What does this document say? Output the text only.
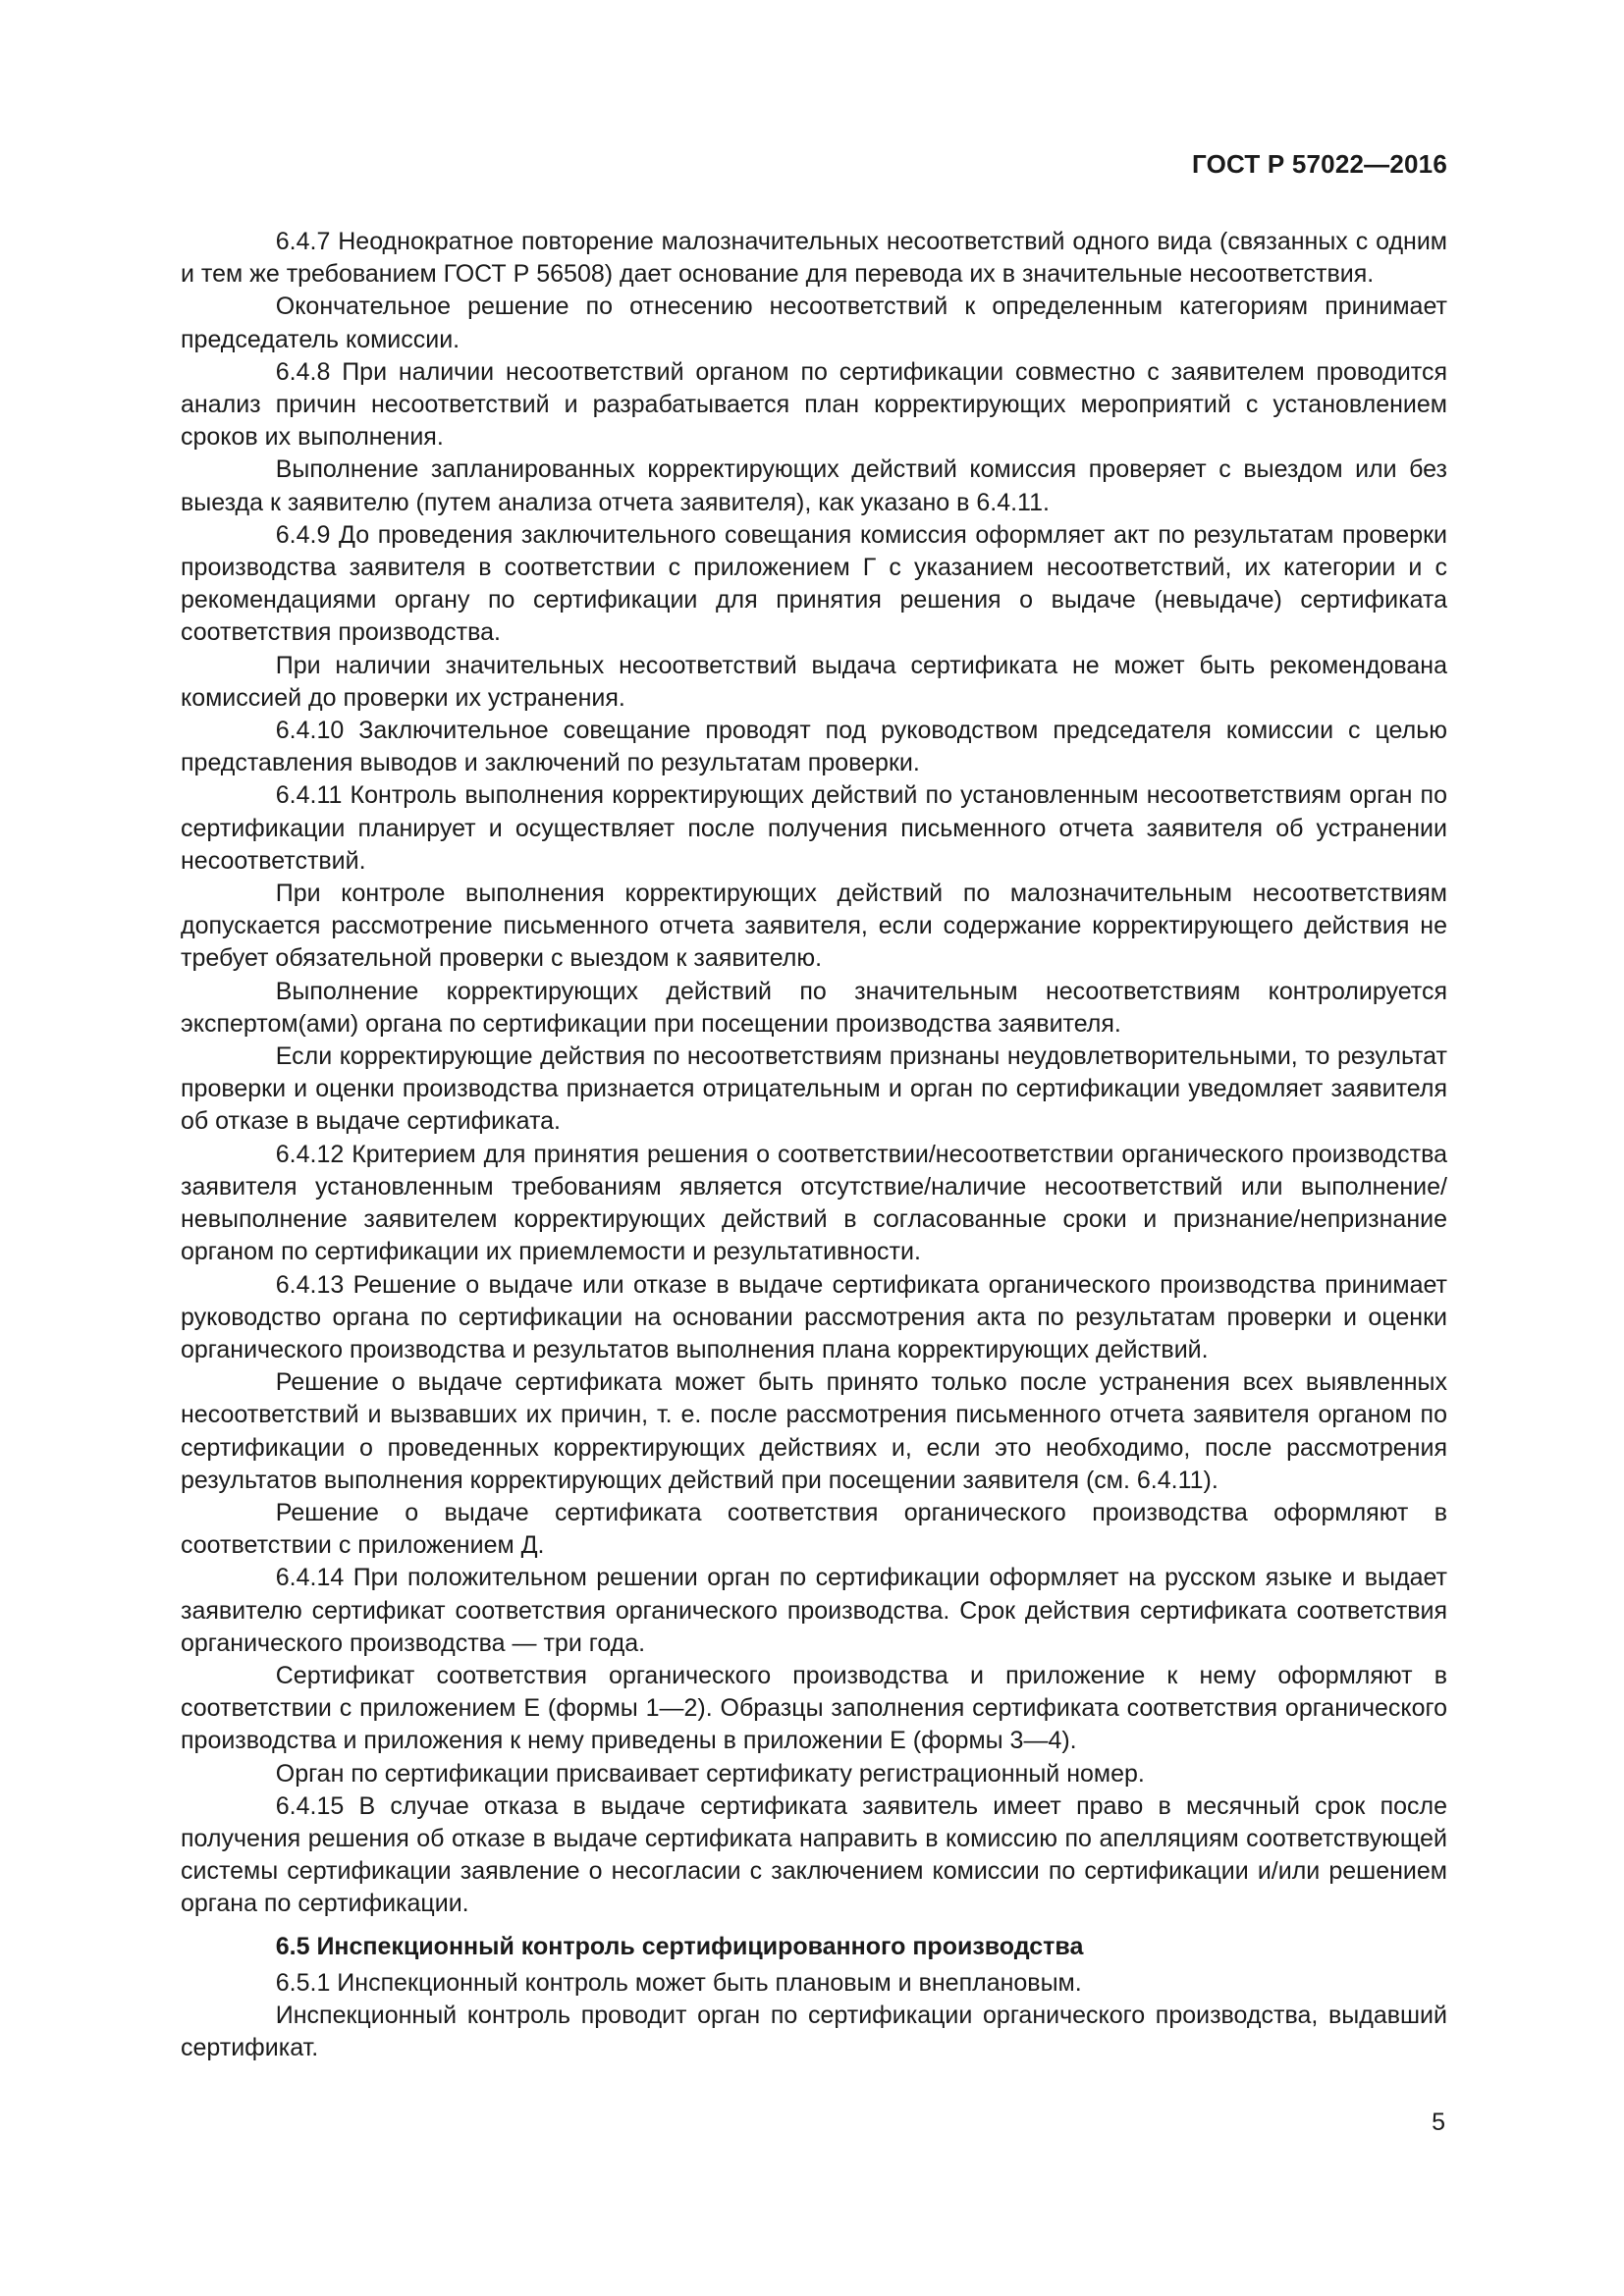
ГОСТ Р 57022—2016

6.4.7 Неоднократное повторение малозначительных несоответствий одного вида (связанных с одним и тем же требованием ГОСТ Р 56508) дает основание для перевода их в значительные несоответствия.

Окончательное решение по отнесению несоответствий к определенным категориям принимает председатель комиссии.

6.4.8 При наличии несоответствий органом по сертификации совместно с заявителем проводится анализ причин несоответствий и разрабатывается план корректирующих мероприятий с установлением сроков их выполнения.

Выполнение запланированных корректирующих действий комиссия проверяет с выездом или без выезда к заявителю (путем анализа отчета заявителя), как указано в 6.4.11.

6.4.9 До проведения заключительного совещания комиссия оформляет акт по результатам проверки производства заявителя в соответствии с приложением Г с указанием несоответствий, их категории и с рекомендациями органу по сертификации для принятия решения о выдаче (невыдаче) сертификата соответствия производства.

При наличии значительных несоответствий выдача сертификата не может быть рекомендована комиссией до проверки их устранения.

6.4.10 Заключительное совещание проводят под руководством председателя комиссии с целью представления выводов и заключений по результатам проверки.

6.4.11 Контроль выполнения корректирующих действий по установленным несоответствиям орган по сертификации планирует и осуществляет после получения письменного отчета заявителя об устранении несоответствий.

При контроле выполнения корректирующих действий по малозначительным несоответствиям допускается рассмотрение письменного отчета заявителя, если содержание корректирующего действия не требует обязательной проверки с выездом к заявителю.

Выполнение корректирующих действий по значительным несоответствиям контролируется экспертом(ами) органа по сертификации при посещении производства заявителя.

Если корректирующие действия по несоответствиям признаны неудовлетворительными, то результат проверки и оценки производства признается отрицательным и орган по сертификации уведомляет заявителя об отказе в выдаче сертификата.

6.4.12 Критерием для принятия решения о соответствии/несоответствии органического производства заявителя установленным требованиям является отсутствие/наличие несоответствий или выполнение/невыполнение заявителем корректирующих действий в согласованные сроки и признание/непризнание органом по сертификации их приемлемости и результативности.

6.4.13 Решение о выдаче или отказе в выдаче сертификата органического производства принимает руководство органа по сертификации на основании рассмотрения акта по результатам проверки и оценки органического производства и результатов выполнения плана корректирующих действий.

Решение о выдаче сертификата может быть принято только после устранения всех выявленных несоответствий и вызвавших их причин, т. е. после рассмотрения письменного отчета заявителя органом по сертификации о проведенных корректирующих действиях и, если это необходимо, после рассмотрения результатов выполнения корректирующих действий при посещении заявителя (см. 6.4.11).

Решение о выдаче сертификата соответствия органического производства оформляют в соответствии с приложением Д.

6.4.14 При положительном решении орган по сертификации оформляет на русском языке и выдает заявителю сертификат соответствия органического производства. Срок действия сертификата соответствия органического производства — три года.

Сертификат соответствия органического производства и приложение к нему оформляют в соответствии с приложением Е (формы 1—2). Образцы заполнения сертификата соответствия органического производства и приложения к нему приведены в приложении Е (формы 3—4).

Орган по сертификации присваивает сертификату регистрационный номер.

6.4.15 В случае отказа в выдаче сертификата заявитель имеет право в месячный срок после получения решения об отказе в выдаче сертификата направить в комиссию по апелляциям соответствующей системы сертификации заявление о несогласии с заключением комиссии по сертификации и/или решением органа по сертификации.

6.5 Инспекционный контроль сертифицированного производства

6.5.1 Инспекционный контроль может быть плановым и внеплановым.

Инспекционный контроль проводит орган по сертификации органического производства, выдавший сертификат.

5
